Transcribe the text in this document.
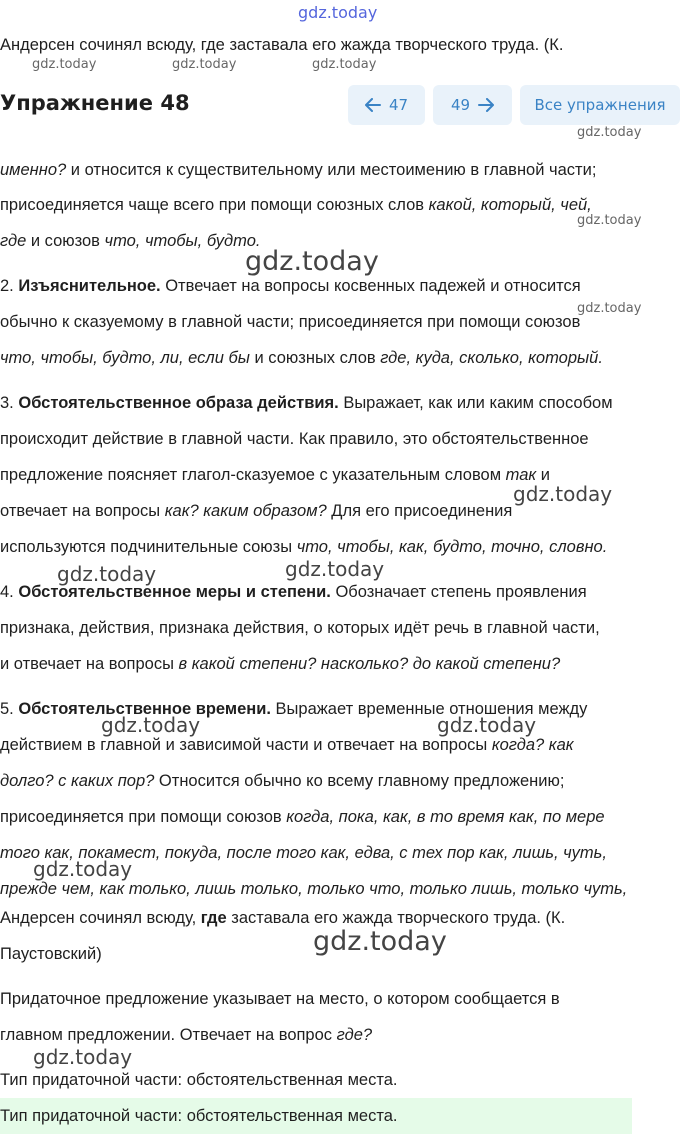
gdz.today
gdz.today	gdz.today	gdz.today
gdz.today
gdz.today
gdz.today
gdz.today
gdz.today
gdz.today	gdz.today
gdz.today	gdz.today
gdz.today
gdz.today
gdz.today
Андерсен сочинял всюду, где заставала его жажда творческого труда. (К.
Упражнение 48	47	49	Все упражнения
именно? и относится к существительному или местоимению в главной части;
присоединяется чаще всего при помощи союзных слов какой, который, чей,
где и союзов что, чтобы, будто.
2. Изъяснительное. Отвечает на вопросы косвенных падежей и относится
обычно к сказуемому в главной части; присоединяется при помощи союзов
что, чтобы, будто, ли, если бы и союзных слов где, куда, сколько, который.
3. Обстоятельственное образа действия. Выражает, как или каким способом
происходит действие в главной части. Как правило, это обстоятельственное
предложение поясняет глагол-сказуемое с указательным словом так и
отвечает на вопросы как? каким образом? Для его присоединения
используются подчинительные союзы что, чтобы, как, будто, точно, словно.
4. Обстоятельственное меры и степени. Обозначает степень проявления
признака, действия, признака действия, о которых идёт речь в главной части,
и отвечает на вопросы в какой степени? насколько? до какой степени?
5. Обстоятельственное времени. Выражает временные отношения между
действием в главной и зависимой части и отвечает на вопросы когда? как
долго? с каких пор? Относится обычно ко всему главному предложению;
присоединяется при помощи союзов когда, пока, как, в то время как, по мере
того как, покамест, покуда, после того как, едва, с тех пор как, лишь, чуть,
прежде чем, как только, лишь только, только что, только лишь, только чуть,
Андерсен сочинял всюду, где заставала его жажда творческого труда. (К.
Паустовский)
Придаточное предложение указывает на место, о котором сообщается в
главном предложении. Отвечает на вопрос где?
Тип придаточной части: обстоятельственная места.
Тип придаточной части: обстоятельственная места.
